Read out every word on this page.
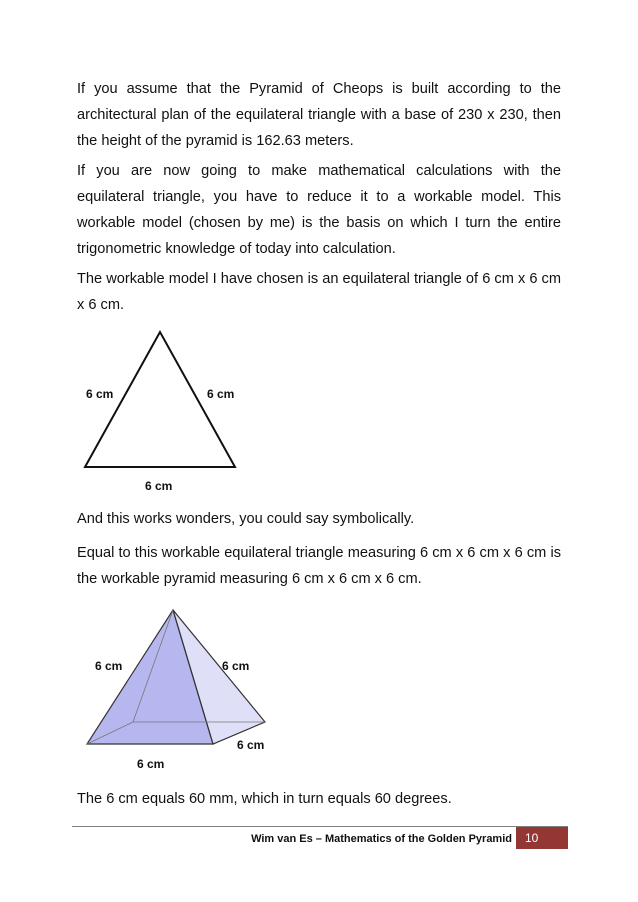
If you assume that the Pyramid of Cheops is built according to the architectural plan of the equilateral triangle with a base of 230 x 230, then the height of the pyramid is 162.63 meters.

If you are now going to make mathematical calculations with the equilateral triangle, you have to reduce it to a workable model. This workable model (chosen by me) is the basis on which I turn the entire trigonometric knowledge of today into calculation.

The workable model I have chosen is an equilateral triangle of 6 cm x 6 cm x 6 cm.

6 cm	6 cm
6 cm

And this works wonders, you could say symbolically.

Equal to this workable equilateral triangle measuring 6 cm x 6 cm x 6 cm is the workable pyramid measuring 6 cm x 6 cm x 6 cm.

6 cm	6 cm
6 cm
6 cm

The 6 cm equals 60 mm, which in turn equals 60 degrees.

Wim van Es – Mathematics of the Golden Pyramid	10
